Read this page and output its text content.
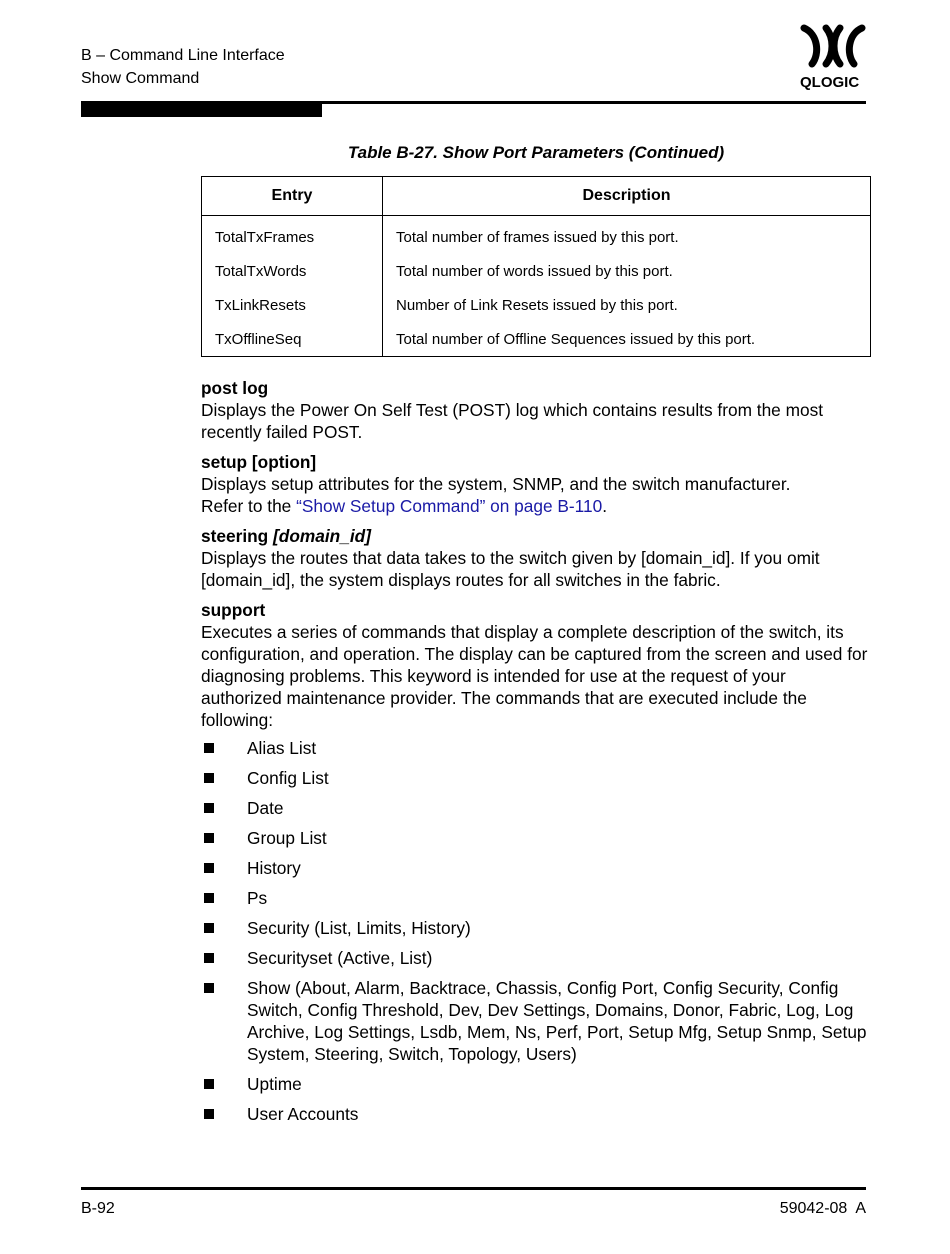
B – Command Line Interface
Show Command	QLOGIC
Table B-27. Show Port Parameters (Continued)
Entry	Description
TotalTxFrames	Total number of frames issued by this port.
TotalTxWords	Total number of words issued by this port.
TxLinkResets	Number of Link Resets issued by this port.
TxOfflineSeq	Total number of Offline Sequences issued by this port.
post log

Displays the Power On Self Test (POST) log which contains results from the most recently failed POST.

setup [option]

Displays setup attributes for the system, SNMP, and the switch manufacturer.
Refer to the “Show Setup Command” on page B-110.

steering [domain_id]

Displays the routes that data takes to the switch given by [domain_id]. If you omit [domain_id], the system displays routes for all switches in the fabric.

support

Executes a series of commands that display a complete description of the switch, its configuration, and operation. The display can be captured from the screen and used for diagnosing problems. This keyword is intended for use at the request of your authorized maintenance provider. The commands that are executed include the following:

Alias List
Config List
Date
Group List
History
Ps
Security (List, Limits, History)
Securityset (Active, List)
Show (About, Alarm, Backtrace, Chassis, Config Port, Config Security, Config Switch, Config Threshold, Dev, Dev Settings, Domains, Donor, Fabric, Log, Log Archive, Log Settings, Lsdb, Mem, Ns, Perf, Port, Setup Mfg, Setup Snmp, Setup System, Steering, Switch, Topology, Users)
Uptime
User Accounts
B-92	59042-08  A
